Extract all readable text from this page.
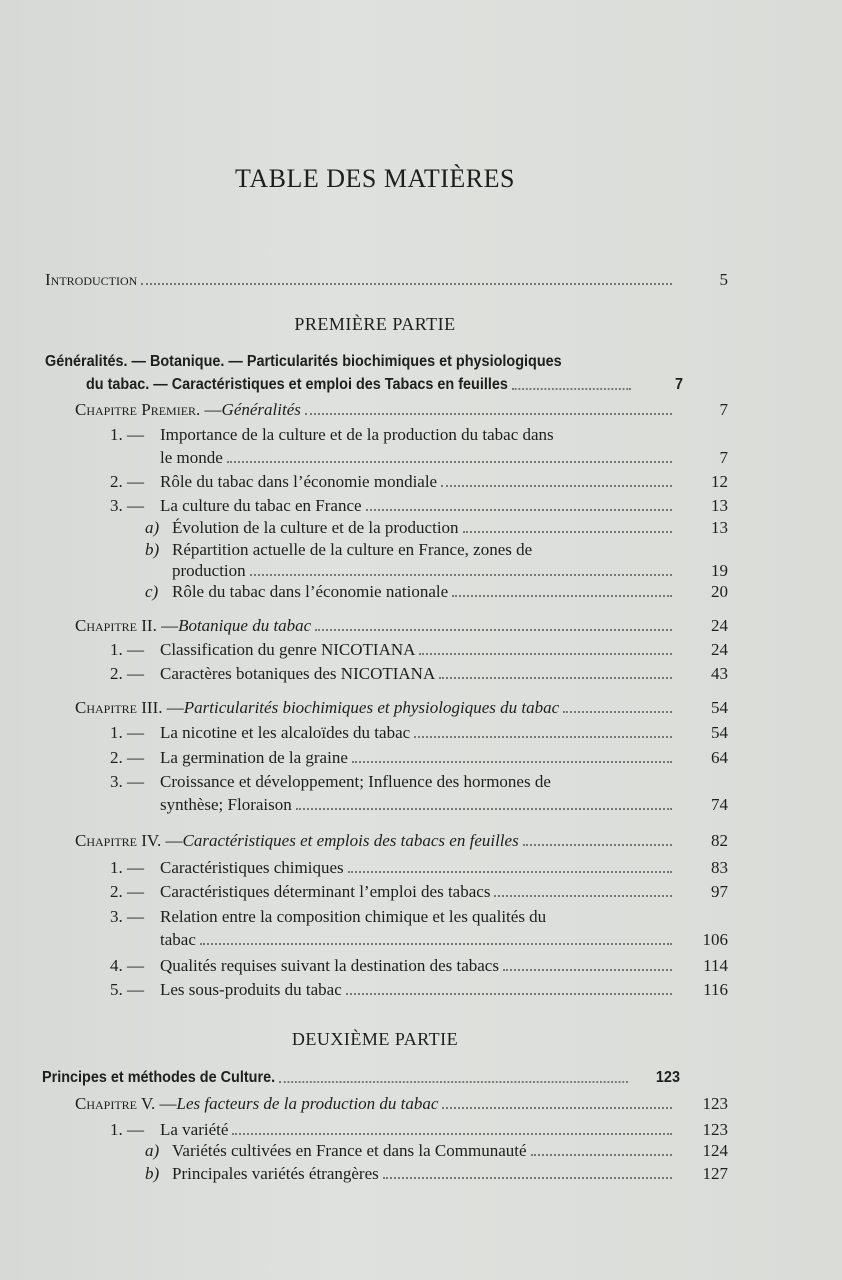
TABLE DES MATIÈRES
PREMIÈRE PARTIE
DEUXIÈME PARTIE
Introduction	5
Généralités. — Botanique. — Particularités biochimiques et physiologiques
du tabac. — Caractéristiques et emploi des Tabacs en feuilles	7
Chapitre Premier. — Généralités	7
1. — Importance de la culture et de la production du tabac dans
le monde	7
2. — Rôle du tabac dans l’économie mondiale	12
3. — La culture du tabac en France	13
a) Évolution de la culture et de la production	13
b) Répartition actuelle de la culture en France, zones de
production	19
c) Rôle du tabac dans l’économie nationale	20
Chapitre II. — Botanique du tabac	24
1. — Classification du genre NICOTIANA	24
2. — Caractères botaniques des NICOTIANA	43
Chapitre III. — Particularités biochimiques et physiologiques du tabac	54
1. — La nicotine et les alcaloïdes du tabac	54
2. — La germination de la graine	64
3. — Croissance et développement; Influence des hormones de
synthèse; Floraison	74
Chapitre IV. — Caractéristiques et emplois des tabacs en feuilles	82
1. — Caractéristiques chimiques	83
2. — Caractéristiques déterminant l’emploi des tabacs	97
3. — Relation entre la composition chimique et les qualités du
tabac	106
4. — Qualités requises suivant la destination des tabacs	114
5. — Les sous-produits du tabac	116
Principes et méthodes de Culture.	123
Chapitre V. — Les facteurs de la production du tabac	123
1. — La variété	123
a) Variétés cultivées en France et dans la Communauté	124
b) Principales variétés étrangères	127
